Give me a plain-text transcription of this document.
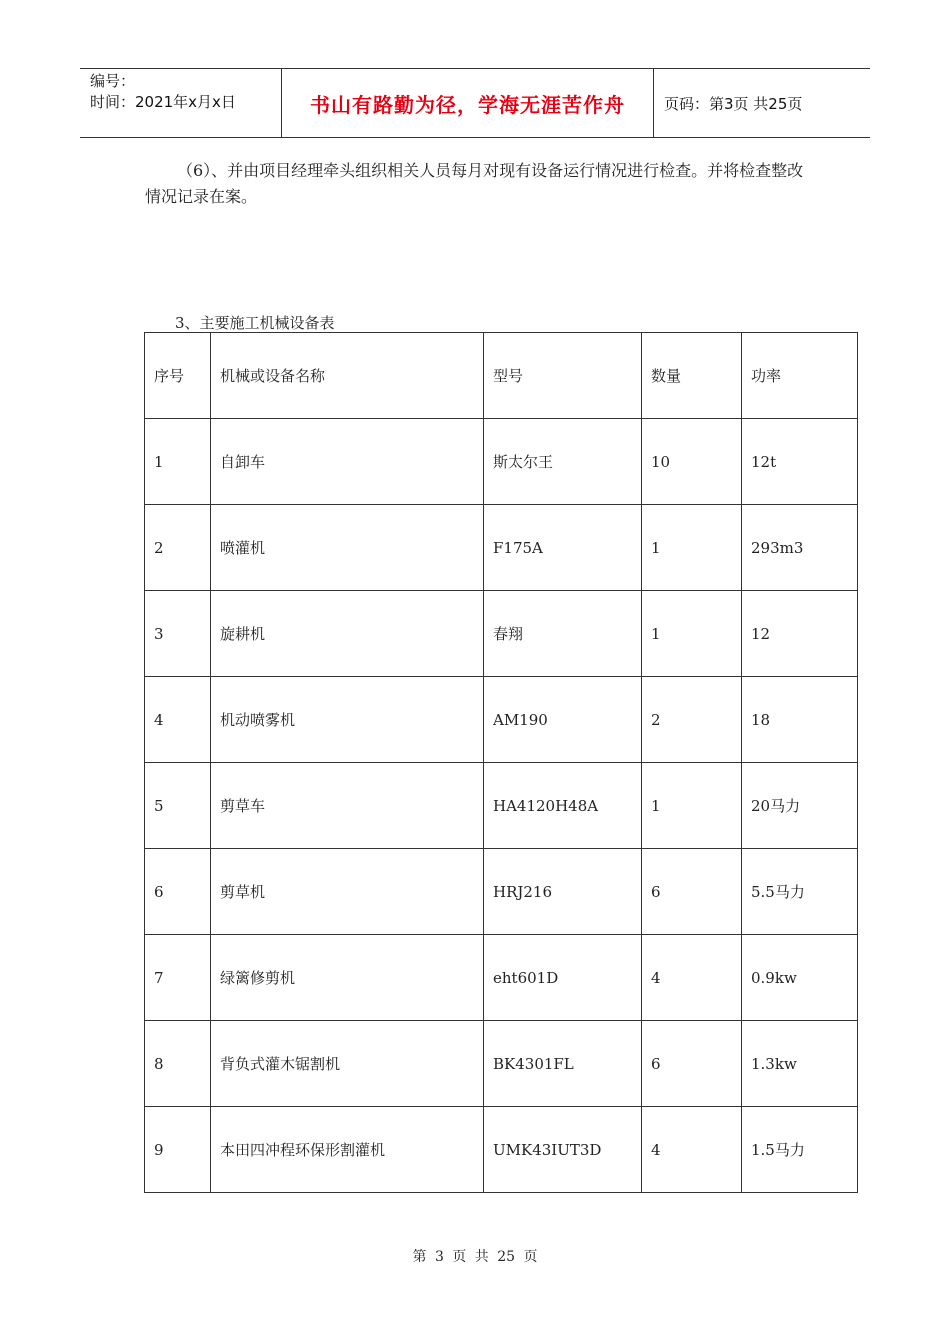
编号：
时间：2021年x月x日	书山有路勤为径，学海无涯苦作舟	页码：第3页 共25页
（6）、并由项目经理牵头组织相关人员每月对现有设备运行情况进行检查。并将检查整改情况记录在案。
3、主要施工机械设备表
序号	机械或设备名称	型号	数量	功率
1	自卸车	斯太尔王	10	12t
2	喷灌机	F175A	1	293m3
3	旋耕机	春翔	1	12
4	机动喷雾机	AM190	2	18
5	剪草车	HA4120H48A	1	20马力
6	剪草机	HRJ216	6	5.5马力
7	绿篱修剪机	eht601D	4	0.9kw
8	背负式灌木锯割机	BK4301FL	6	1.3kw
9	本田四冲程环保形割灌机	UMK43IUT3D	4	1.5马力
第 3 页 共 25 页
